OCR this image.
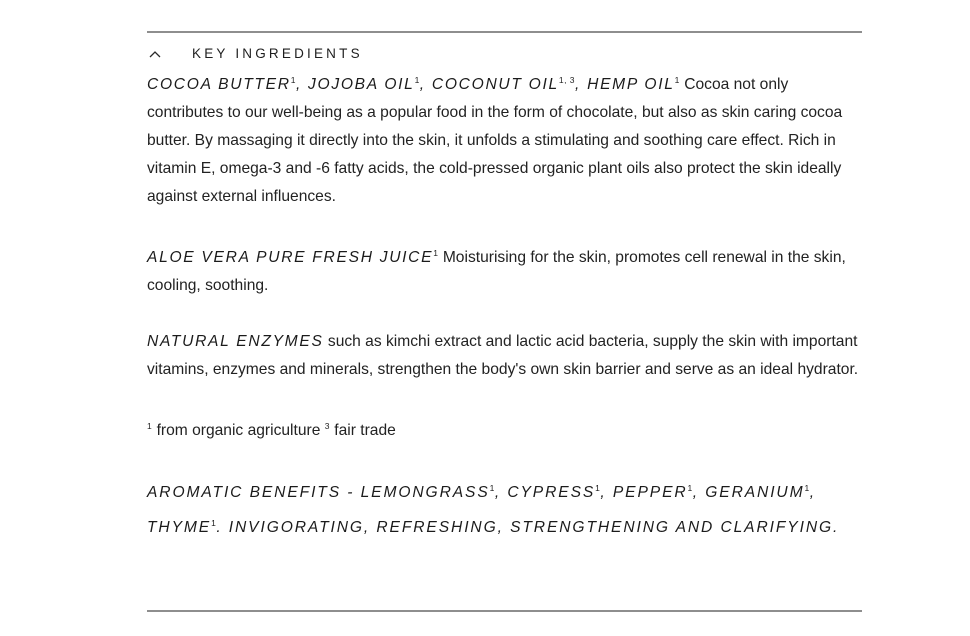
KEY INGREDIENTS

COCOA BUTTER$^1$, JOJOBA OIL$^1$, COCONUT OIL$^{1, 3}$, HEMP OIL$^1$ Cocoa not only contributes to our well-being as a popular food in the form of chocolate, but also as skin caring cocoa butter. By massaging it directly into the skin, it unfolds a stimulating and soothing care effect. Rich in vitamin E, omega-3 and -6 fatty acids, the cold-pressed organic plant oils also protect the skin ideally against external influences.

ALOE VERA PURE FRESH JUICE$^1$ Moisturising for the skin, promotes cell renewal in the skin, cooling, soothing.

NATURAL ENZYMES such as kimchi extract and lactic acid bacteria, supply the skin with important vitamins, enzymes and minerals, strengthen the body's own skin barrier and serve as an ideal hydrator.

$^1$ from organic agriculture $^3$ fair trade

AROMATIC BENEFITS - LEMONGRASS$^1$, CYPRESS$^1$, PEPPER$^1$, GERANIUM$^1$, THYME$^1$. INVIGORATING, REFRESHING, STRENGTHENING AND CLARIFYING.
